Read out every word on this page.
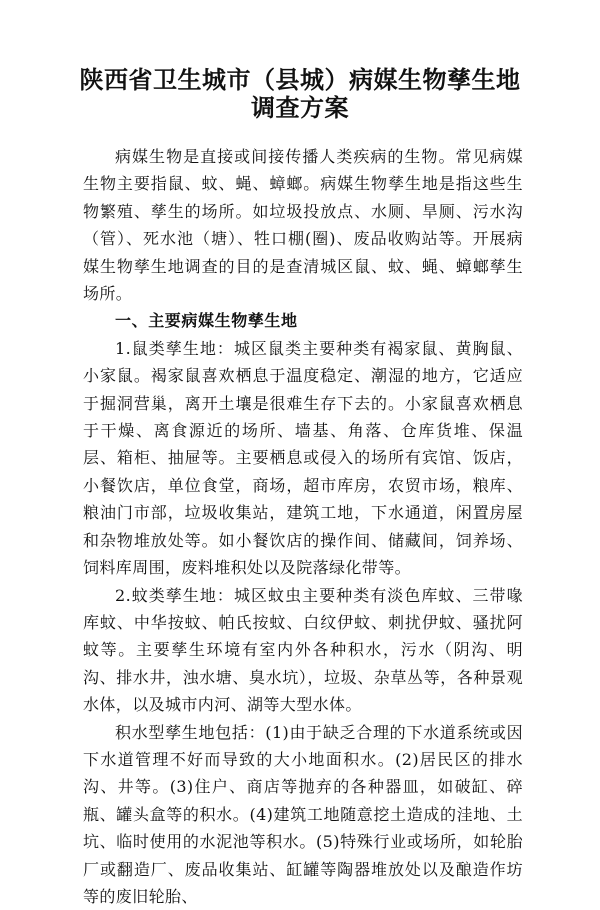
陕西省卫生城市（县城）病媒生物孳生地
调查方案

病媒生物是直接或间接传播人类疾病的生物。常见病媒生物主要指鼠、蚊、蝇、蟑螂。病媒生物孳生地是指这些生物繁殖、孳生的场所。如垃圾投放点、水厕、旱厕、污水沟（管）、死水池（塘）、牲口棚(圈)、废品收购站等。开展病媒生物孳生地调查的目的是查清城区鼠、蚊、蝇、蟑螂孳生场所。

一、主要病媒生物孳生地

1.鼠类孳生地：城区鼠类主要种类有褐家鼠、黄胸鼠、小家鼠。褐家鼠喜欢栖息于温度稳定、潮湿的地方，它适应于掘洞营巢，离开土壤是很难生存下去的。小家鼠喜欢栖息于干燥、离食源近的场所、墙基、角落、仓库货堆、保温层、箱柜、抽屉等。主要栖息或侵入的场所有宾馆、饭店，小餐饮店，单位食堂，商场，超市库房，农贸市场，粮库、粮油门市部，垃圾收集站，建筑工地，下水通道，闲置房屋和杂物堆放处等。如小餐饮店的操作间、储藏间，饲养场、饲料库周围，废料堆积处以及院落绿化带等。

2.蚊类孳生地：城区蚊虫主要种类有淡色库蚊、三带喙库蚊、中华按蚊、帕氏按蚊、白纹伊蚊、刺扰伊蚊、骚扰阿蚊等。主要孳生环境有室内外各种积水，污水（阴沟、明沟、排水井，浊水塘、臭水坑），垃圾、杂草丛等，各种景观水体，以及城市内河、湖等大型水体。

积水型孳生地包括：(1)由于缺乏合理的下水道系统或因下水道管理不好而导致的大小地面积水。(2)居民区的排水沟、井等。(3)住户、商店等抛弃的各种器皿，如破缸、碎瓶、罐头盒等的积水。(4)建筑工地随意挖土造成的洼地、土坑、临时使用的水泥池等积水。(5)特殊行业或场所，如轮胎厂或翻造厂、废品收集站、缸罐等陶器堆放处以及酿造作坊等的废旧轮胎、
